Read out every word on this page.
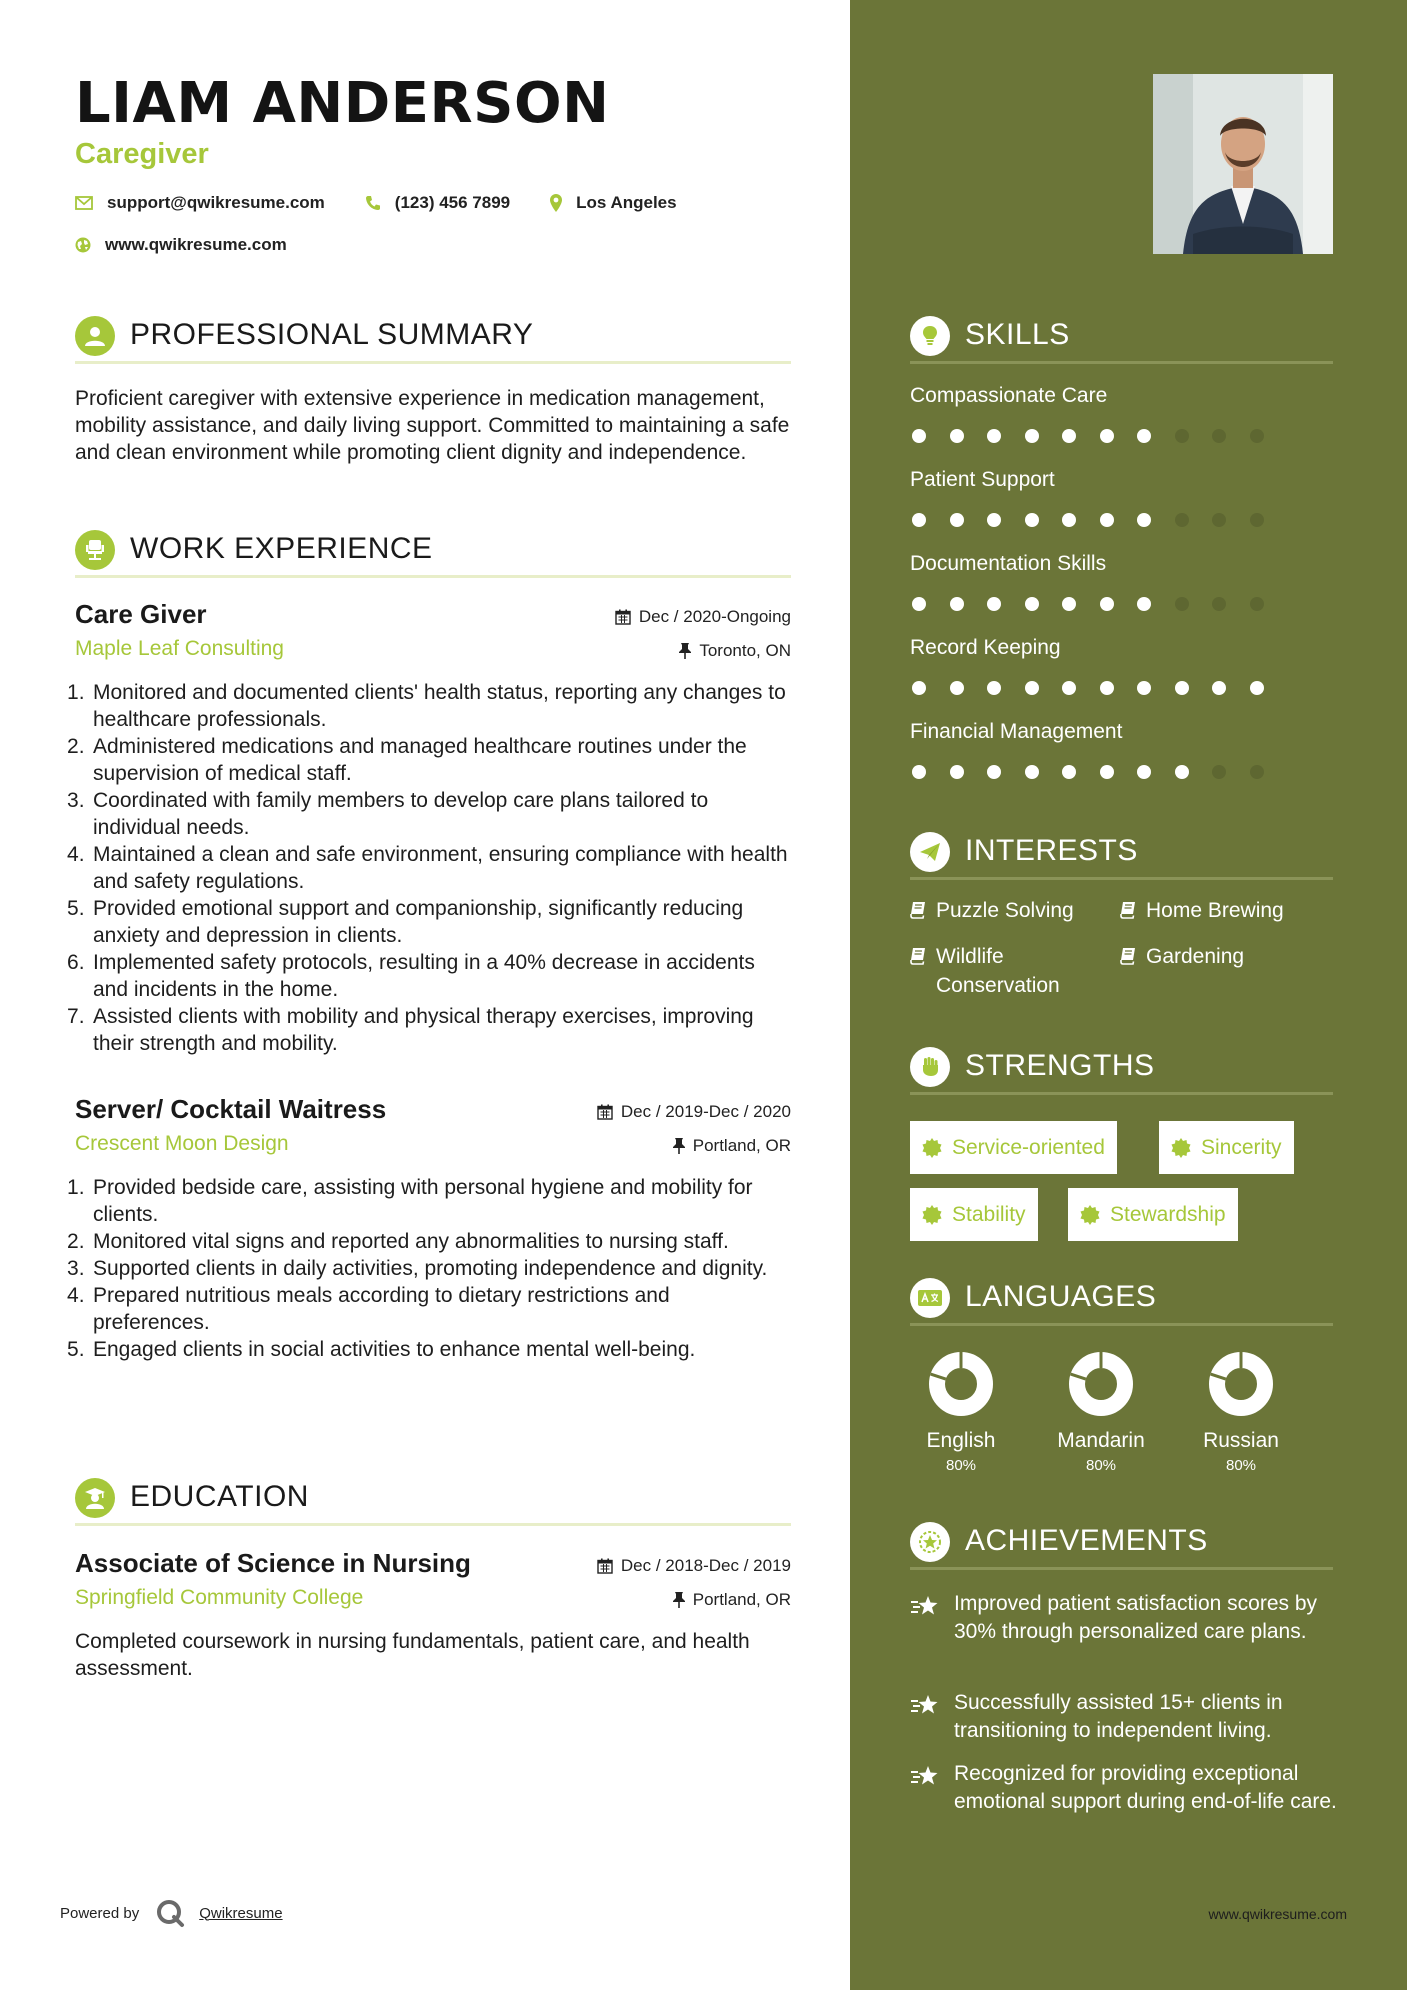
LIAM ANDERSON
Caregiver
support@qwikresume.com	(123) 456 7899	Los Angeles
www.qwikresume.com
PROFESSIONAL SUMMARY
Proficient caregiver with extensive experience in medication management, mobility assistance, and daily living support. Committed to maintaining a safe and clean environment while promoting client dignity and independence.
WORK EXPERIENCE
Care Giver
Maple Leaf Consulting
Dec / 2020-Ongoing
Toronto, ON
Monitored and documented clients' health status, reporting any changes to healthcare professionals.
Administered medications and managed healthcare routines under the supervision of medical staff.
Coordinated with family members to develop care plans tailored to individual needs.
Maintained a clean and safe environment, ensuring compliance with health and safety regulations.
Provided emotional support and companionship, significantly reducing anxiety and depression in clients.
Implemented safety protocols, resulting in a 40% decrease in accidents and incidents in the home.
Assisted clients with mobility and physical therapy exercises, improving their strength and mobility.
Server/ Cocktail Waitress
Crescent Moon Design
Dec / 2019-Dec / 2020
Portland, OR
Provided bedside care, assisting with personal hygiene and mobility for clients.
Monitored vital signs and reported any abnormalities to nursing staff.
Supported clients in daily activities, promoting independence and dignity.
Prepared nutritious meals according to dietary restrictions and preferences.
Engaged clients in social activities to enhance mental well-being.
EDUCATION
Associate of Science in Nursing
Springfield Community College
Dec / 2018-Dec / 2019
Portland, OR
Completed coursework in nursing fundamentals, patient care, and health assessment.
Powered by	Qwikresume
SKILLS
Compassionate Care
Patient Support
Documentation Skills
Record Keeping
Financial Management
INTERESTS
Puzzle Solving	Home Brewing
Wildlife Conservation
Gardening
STRENGTHS
Service-oriented	Sincerity
Stability	Stewardship
LANGUAGES
English
80%
Mandarin
80%
Russian
80%
ACHIEVEMENTS
Improved patient satisfaction scores by 30% through personalized care plans.
Successfully assisted 15+ clients in transitioning to independent living.
Recognized for providing exceptional emotional support during end-of-life care.
www.qwikresume.com
